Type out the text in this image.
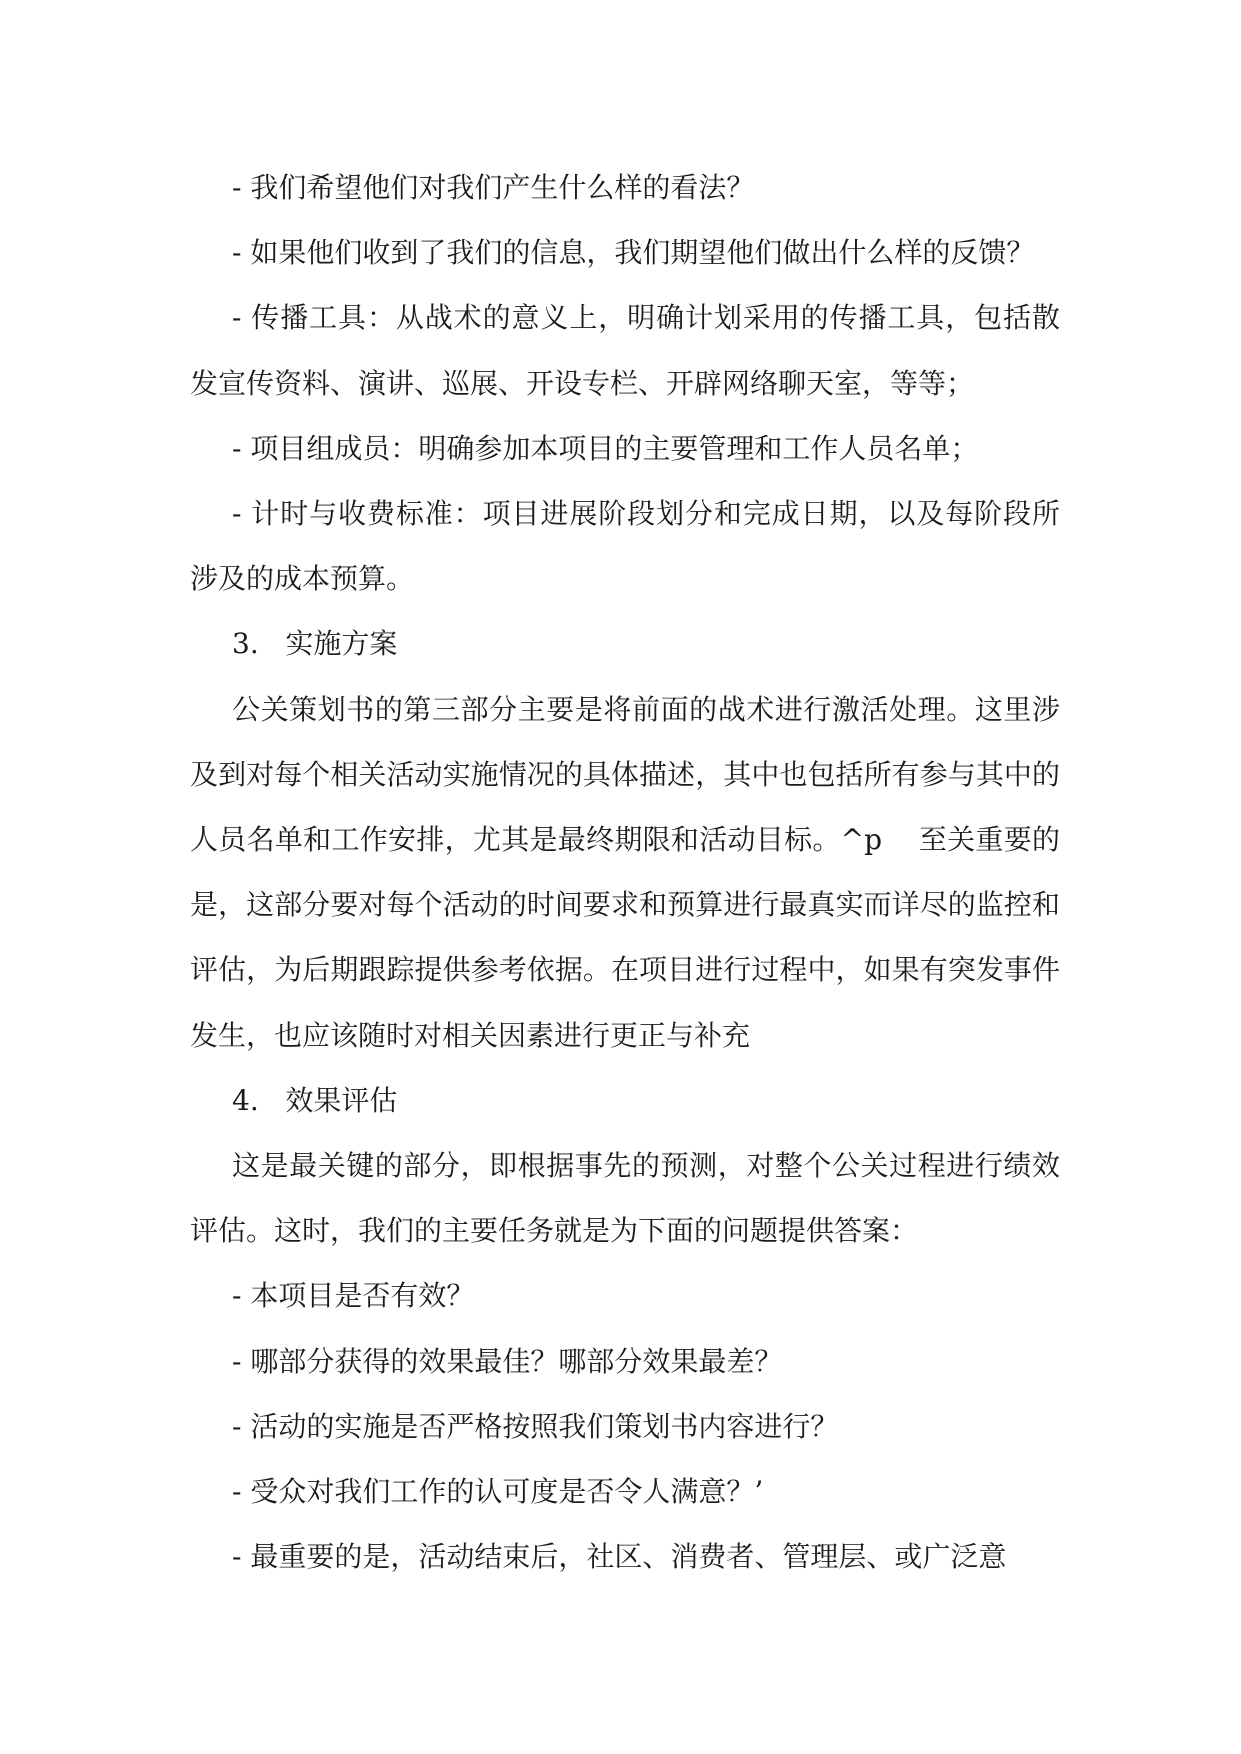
- 我们希望他们对我们产生什么样的看法？

- 如果他们收到了我们的信息，我们期望他们做出什么样的反馈？

- 传播工具：从战术的意义上，明确计划采用的传播工具，包括散发宣传资料、演讲、巡展、开设专栏、开辟网络聊天室，等等；

- 项目组成员：明确参加本项目的主要管理和工作人员名单；

- 计时与收费标准：项目进展阶段划分和完成日期，以及每阶段所涉及的成本预算。

3.   实施方案

公关策划书的第三部分主要是将前面的战术进行激活处理。这里涉及到对每个相关活动实施情况的具体描述，其中也包括所有参与其中的人员名单和工作安排，尤其是最终期限和活动目标。^p    至关重要的是，这部分要对每个活动的时间要求和预算进行最真实而详尽的监控和评估，为后期跟踪提供参考依据。在项目进行过程中，如果有突发事件发生，也应该随时对相关因素进行更正与补充

4.   效果评估

这是最关键的部分，即根据事先的预测，对整个公关过程进行绩效评估。这时，我们的主要任务就是为下面的问题提供答案：

- 本项目是否有效？

- 哪部分获得的效果最佳？哪部分效果最差？

- 活动的实施是否严格按照我们策划书内容进行？

- 受众对我们工作的认可度是否令人满意？’

- 最重要的是，活动结束后，社区、消费者、管理层、或广泛意
